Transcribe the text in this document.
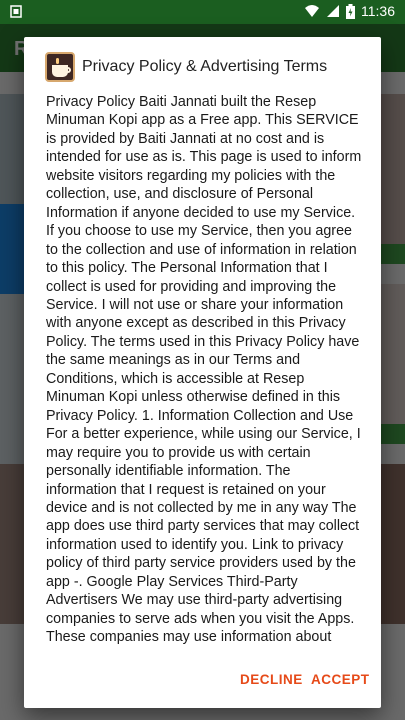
11:36
Privacy Policy & Advertising Terms
Privacy Policy Baiti Jannati built the Resep Minuman Kopi app as a Free app. This SERVICE is provided by Baiti Jannati at no cost and is intended for use as is. This page is used to inform website visitors regarding my policies with the collection, use, and disclosure of Personal Information if anyone decided to use my Service. If you choose to use my Service, then you agree to the collection and use of information in relation to this policy. The Personal Information that I collect is used for providing and improving the Service. I will not use or share your information with anyone except as described in this Privacy Policy. The terms used in this Privacy Policy have the same meanings as in our Terms and Conditions, which is accessible at Resep Minuman Kopi unless otherwise defined in this Privacy Policy. 1. Information Collection and Use For a better experience, while using our Service, I may require you to provide us with certain personally identifiable information. The information that I request is retained on your device and is not collected by me in any way The app does use third party services that may collect information used to identify you. Link to privacy policy of third party service providers used by the app -. Google Play Services Third-Party Advertisers We may use third-party advertising companies to serve ads when you visit the Apps. These companies may use information about
DECLINE ACCEPT
